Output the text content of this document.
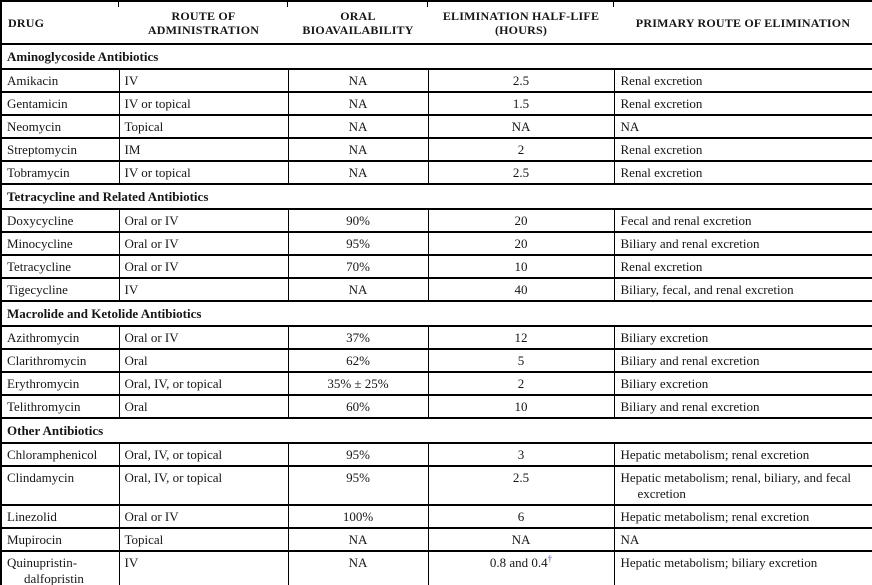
DRUG	ROUTE OF ADMINISTRATION	ORAL BIOAVAILABILITY	ELIMINATION HALF-LIFE (HOURS)	PRIMARY ROUTE OF ELIMINATION
Aminoglycoside Antibiotics				
Amikacin	IV	NA	2.5	Renal excretion
Gentamicin	IV or topical	NA	1.5	Renal excretion
Neomycin	Topical	NA	NA	NA
Streptomycin	IM	NA	2	Renal excretion
Tobramycin	IV or topical	NA	2.5	Renal excretion
Tetracycline and Related Antibiotics				
Doxycycline	Oral or IV	90%	20	Fecal and renal excretion
Minocycline	Oral or IV	95%	20	Biliary and renal excretion
Tetracycline	Oral or IV	70%	10	Renal excretion
Tigecycline	IV	NA	40	Biliary, fecal, and renal excretion
Macrolide and Ketolide Antibiotics				
Azithromycin	Oral or IV	37%	12	Biliary excretion
Clarithromycin	Oral	62%	5	Biliary and renal excretion
Erythromycin	Oral, IV, or topical	35% ± 25%	2	Biliary excretion
Telithromycin	Oral	60%	10	Biliary and renal excretion
Other Antibiotics				
Chloramphenicol	Oral, IV, or topical	95%	3	Hepatic metabolism; renal excretion
Clindamycin	Oral, IV, or topical	95%	2.5	Hepatic metabolism; renal, biliary, and fecal excretion
Linezolid	Oral or IV	100%	6	Hepatic metabolism; renal excretion
Mupirocin	Topical	NA	NA	NA
Quinupristin-dalfopristin	IV	NA	0.8 and 0.4†	Hepatic metabolism; biliary excretion
